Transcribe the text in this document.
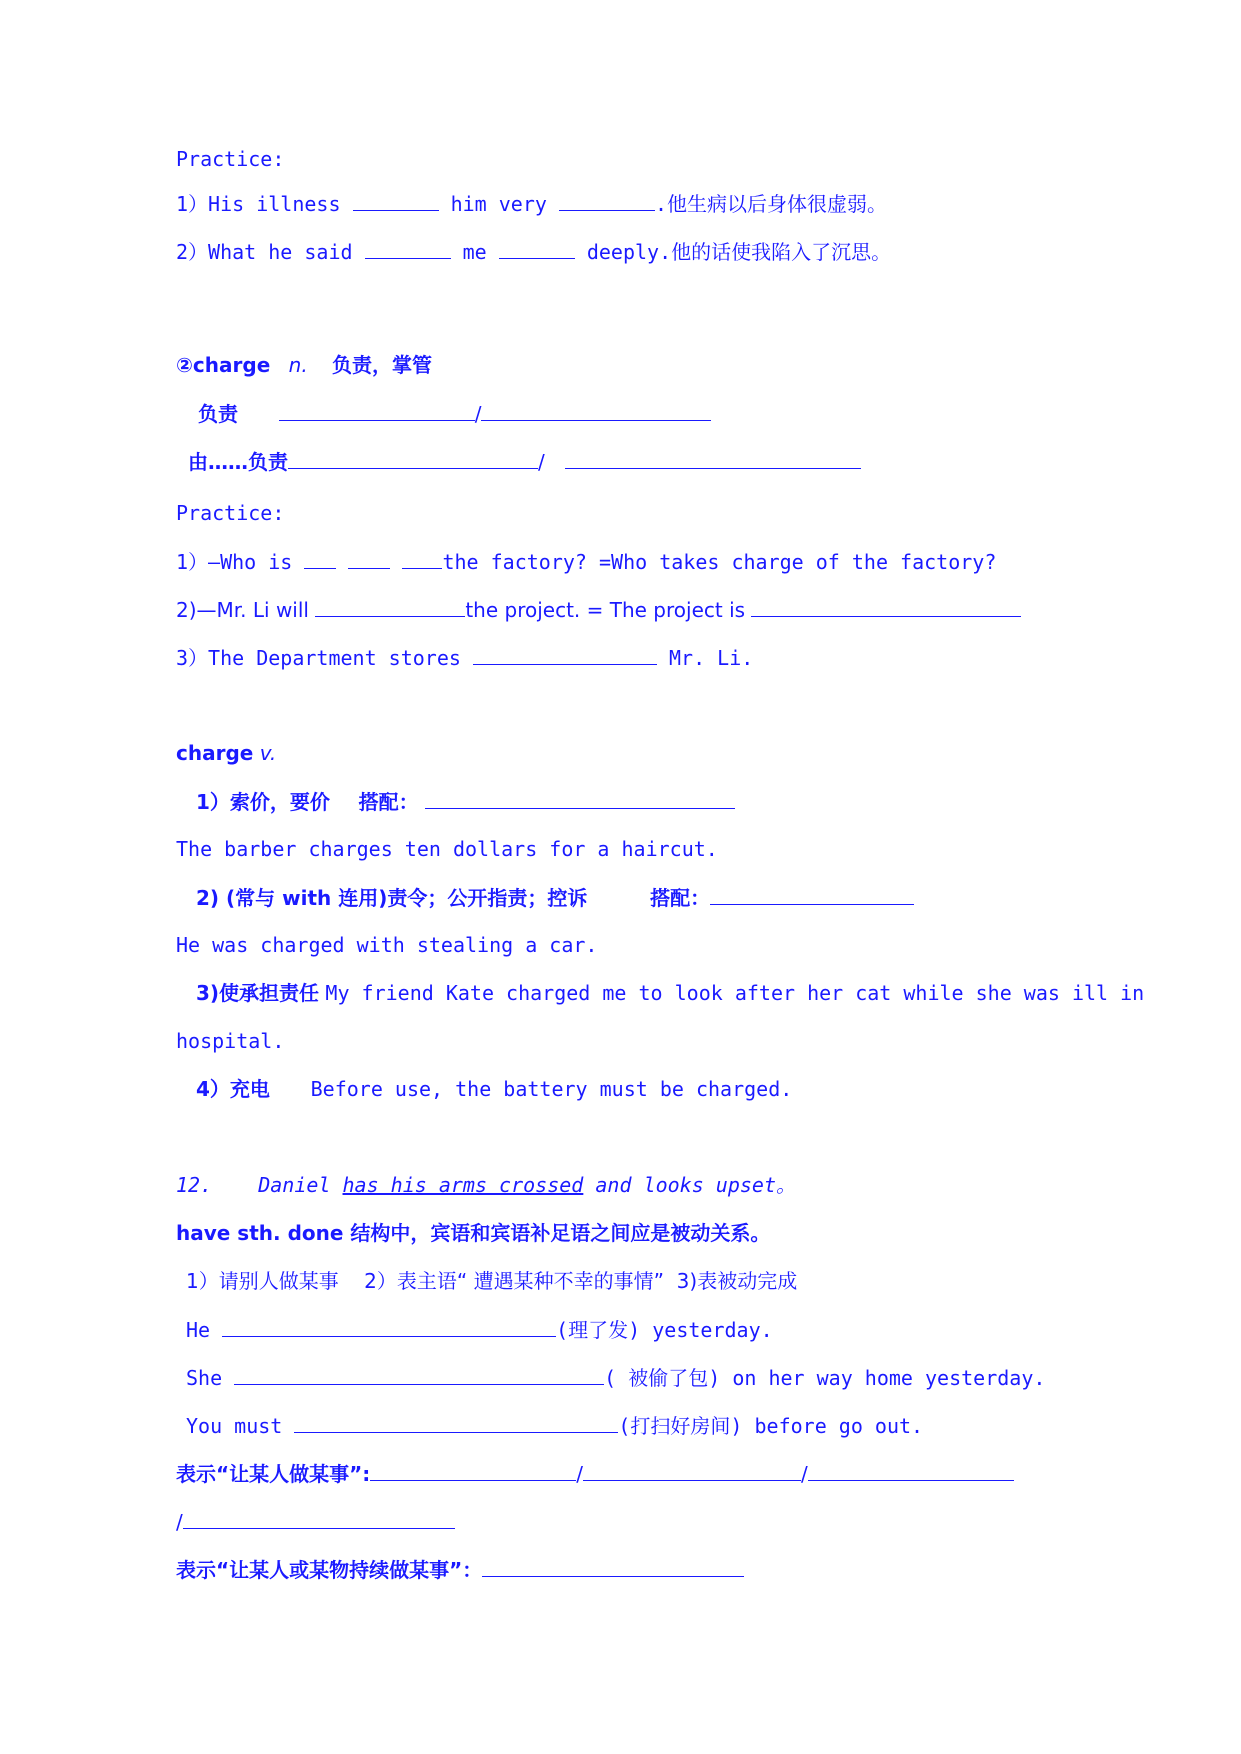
Practice:
1）His illness	him very	.他生病以后身体很虚弱。
2）What he said	me	deeply.他的话使我陷入了沉思。
②charge n. 负责，掌管
负责	/
由……负责	/
Practice:
1）—Who is	the factory? =Who takes charge of the factory?
2)—Mr. Li will	the project. = The project is
3）The Department stores	Mr. Li.
charge v.
1）索价，要价 搭配：
The barber charges ten dollars for a haircut.
2) (常与 with 连用)责令；公开指责；控诉	搭配：
He was charged with stealing a car.
3)使承担责任 My friend Kate charged me to look after her cat while she was ill in
hospital.
4）充电 Before use, the battery must be charged.
12. Daniel has his arms crossed and looks upset。
have sth. done 结构中，宾语和宾语补足语之间应是被动关系。
1）请别人做某事    2）表主语“ 遭遇某种不幸的事情”  3)表被动完成
He	(理了发) yesterday.
She	( 被偷了包) on her way home yesterday.
You must	(打扫好房间) before go out.
表示“让某人做某事”:	/	/
/
表示“让某人或某物持续做某事”：
